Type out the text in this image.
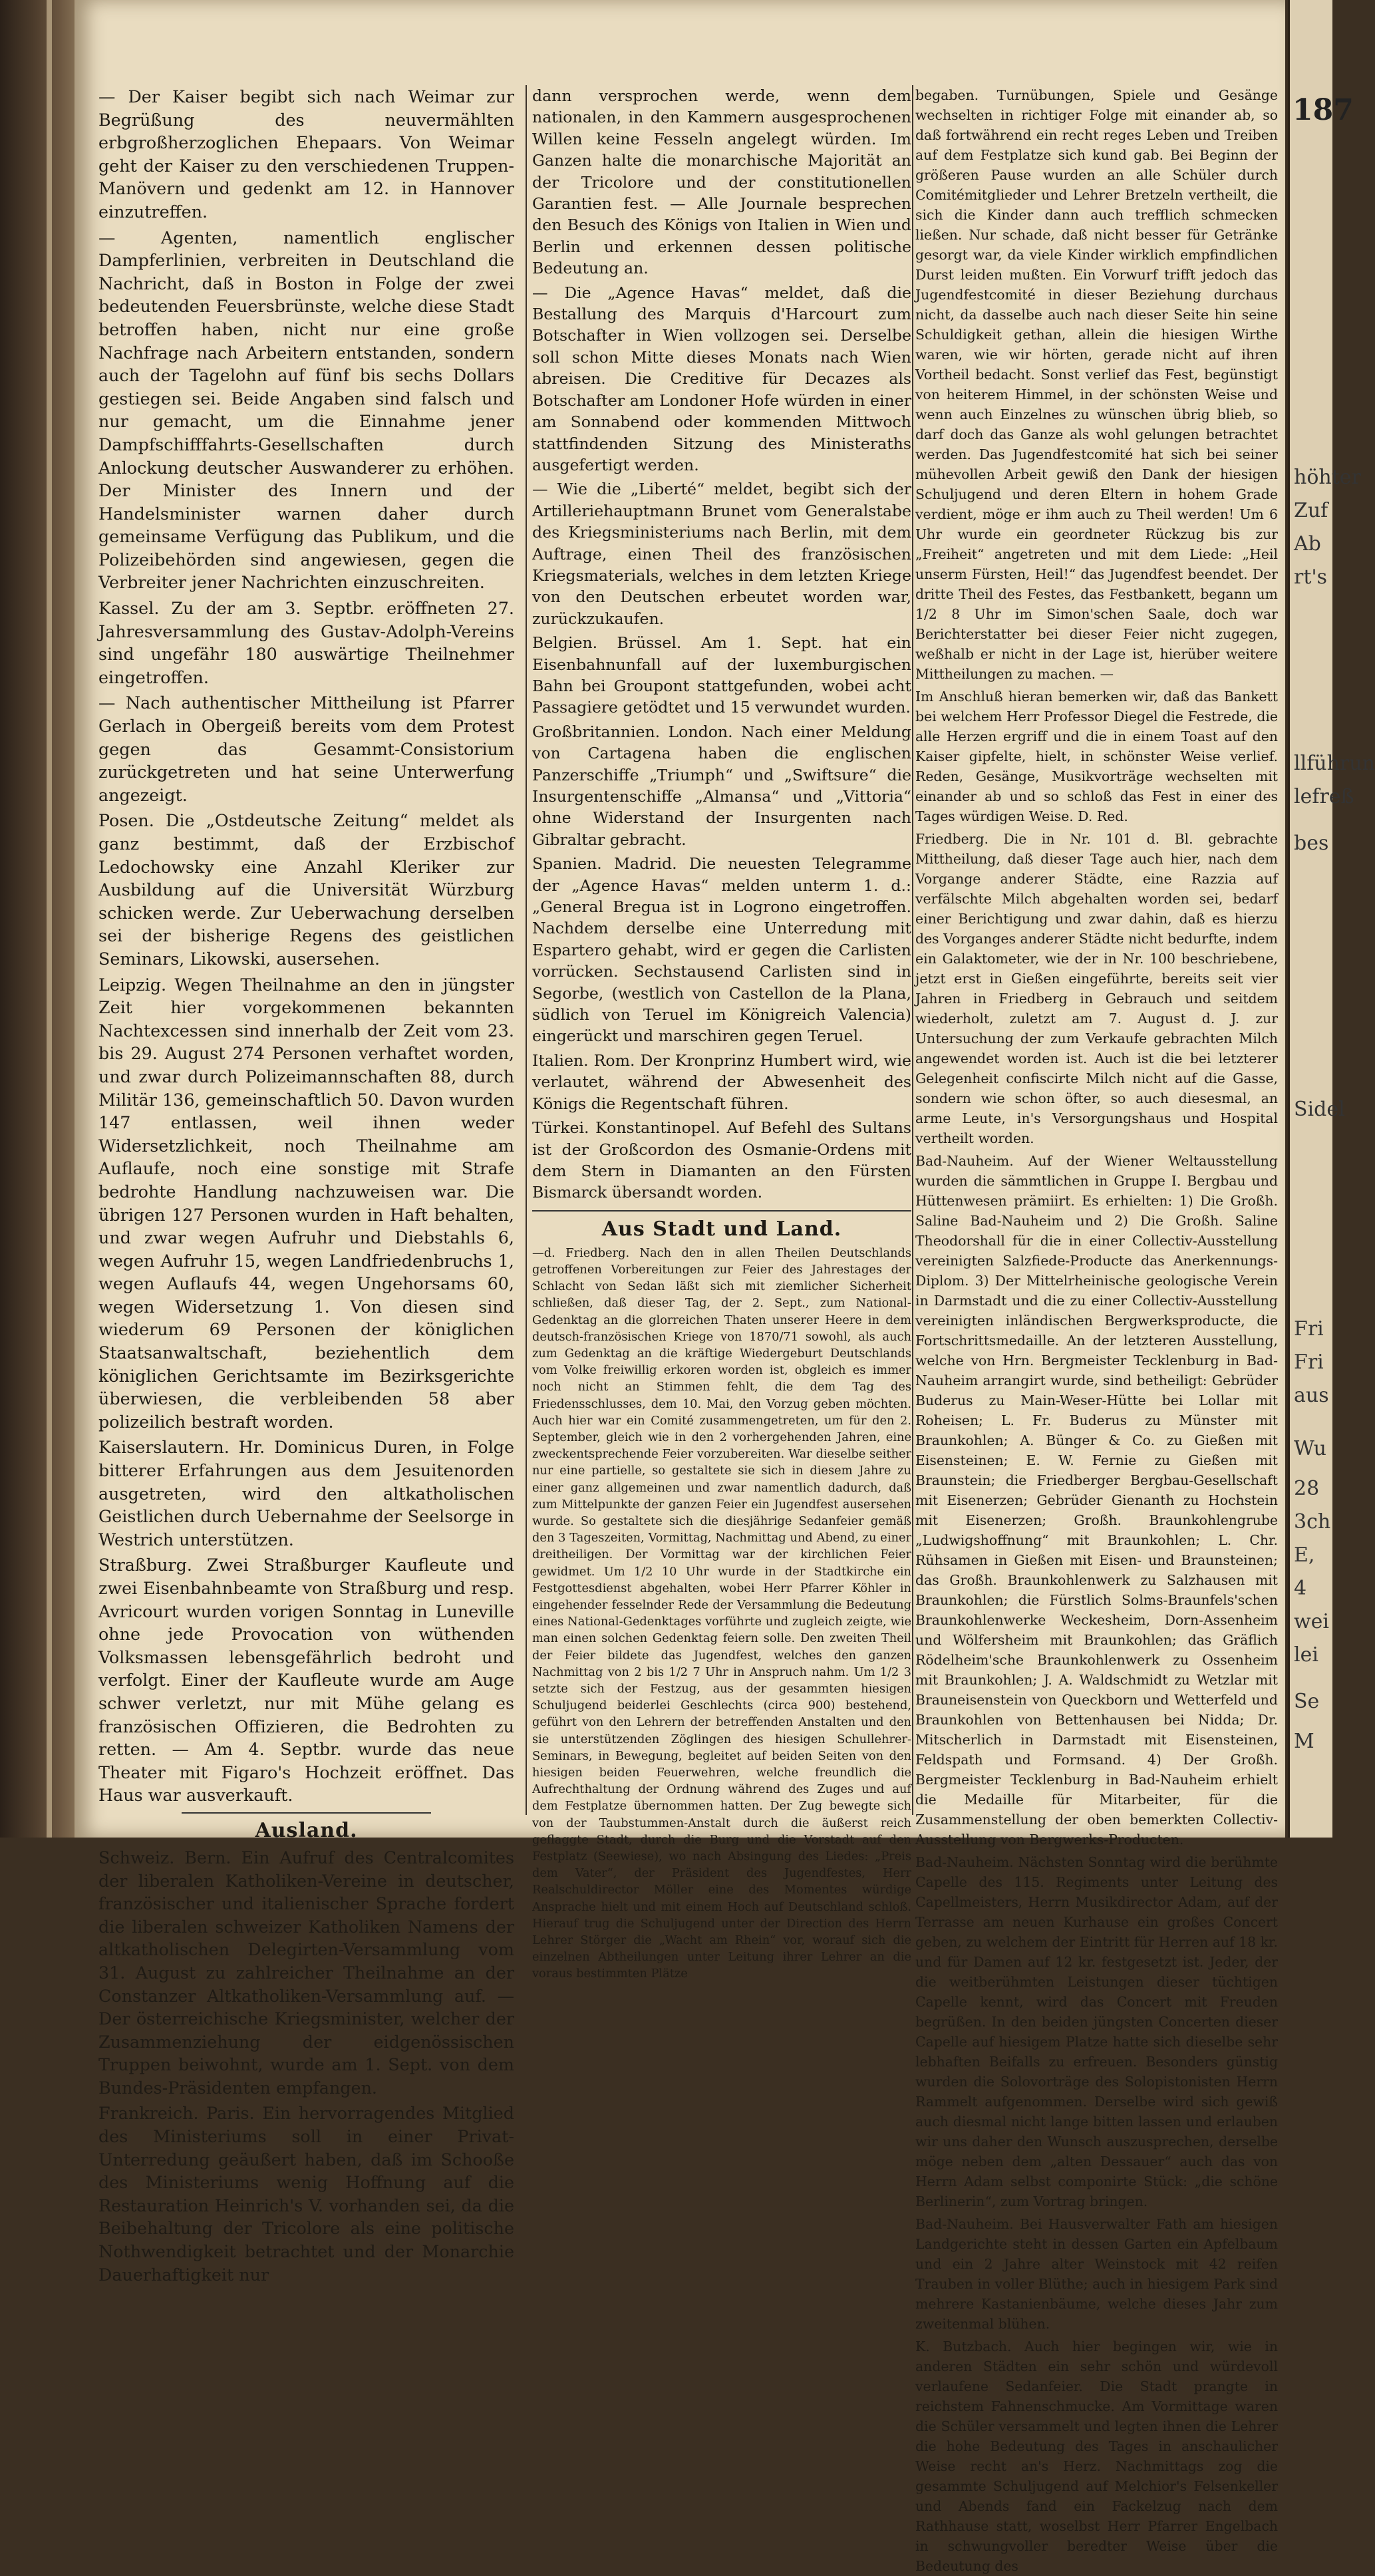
— Der Kaiser begibt sich nach Weimar zur Begrüßung des neuvermählten erbgroßherzoglichen Ehepaars. Von Weimar geht der Kaiser zu den verschiedenen Truppen-Manövern und gedenkt am 12. in Hannover einzutreffen.

— Agenten, namentlich englischer Dampferlinien, verbreiten in Deutschland die Nachricht, daß in Boston in Folge der zwei bedeutenden Feuersbrünste, welche diese Stadt betroffen haben, nicht nur eine große Nachfrage nach Arbeitern entstanden, sondern auch der Tagelohn auf fünf bis sechs Dollars gestiegen sei. Beide Angaben sind falsch und nur gemacht, um die Einnahme jener Dampfschifffahrts-Gesellschaften durch Anlockung deutscher Auswanderer zu erhöhen. Der Minister des Innern und der Handelsminister warnen daher durch gemeinsame Verfügung das Publikum, und die Polizeibehörden sind angewiesen, gegen die Verbreiter jener Nachrichten einzuschreiten.

Kassel. Zu der am 3. Septbr. eröffneten 27. Jahresversammlung des Gustav-Adolph-Vereins sind ungefähr 180 auswärtige Theilnehmer eingetroffen.

— Nach authentischer Mittheilung ist Pfarrer Gerlach in Obergeiß bereits vom dem Protest gegen das Gesammt-Consistorium zurückgetreten und hat seine Unterwerfung angezeigt.

Posen. Die „Ostdeutsche Zeitung“ meldet als ganz bestimmt, daß der Erzbischof Ledochowsky eine Anzahl Kleriker zur Ausbildung auf die Universität Würzburg schicken werde. Zur Ueberwachung derselben sei der bisherige Regens des geistlichen Seminars, Likowski, ausersehen.

Leipzig. Wegen Theilnahme an den in jüngster Zeit hier vorgekommenen bekannten Nachtexcessen sind innerhalb der Zeit vom 23. bis 29. August 274 Personen verhaftet worden, und zwar durch Polizeimannschaften 88, durch Militär 136, gemeinschaftlich 50. Davon wurden 147 entlassen, weil ihnen weder Widersetzlichkeit, noch Theilnahme am Auflaufe, noch eine sonstige mit Strafe bedrohte Handlung nachzuweisen war. Die übrigen 127 Personen wurden in Haft behalten, und zwar wegen Aufruhr und Diebstahls 6, wegen Aufruhr 15, wegen Landfriedenbruchs 1, wegen Auflaufs 44, wegen Ungehorsams 60, wegen Widersetzung 1. Von diesen sind wiederum 69 Personen der königlichen Staatsanwaltschaft, beziehentlich dem königlichen Gerichtsamte im Bezirksgerichte überwiesen, die verbleibenden 58 aber polizeilich bestraft worden.

Kaiserslautern. Hr. Dominicus Duren, in Folge bitterer Erfahrungen aus dem Jesuitenorden ausgetreten, wird den altkatholischen Geistlichen durch Uebernahme der Seelsorge in Westrich unterstützen.

Straßburg. Zwei Straßburger Kaufleute und zwei Eisenbahnbeamte von Straßburg und resp. Avricourt wurden vorigen Sonntag in Luneville ohne jede Provocation von wüthenden Volksmassen lebensgefährlich bedroht und verfolgt. Einer der Kaufleute wurde am Auge schwer verletzt, nur mit Mühe gelang es französischen Offizieren, die Bedrohten zu retten. — Am 4. Septbr. wurde das neue Theater mit Figaro's Hochzeit eröffnet. Das Haus war ausverkauft.

Ausland.

Schweiz. Bern. Ein Aufruf des Centralcomites der liberalen Katholiken-Vereine in deutscher, französischer und italienischer Sprache fordert die liberalen schweizer Katholiken Namens der altkatholischen Delegirten-Versammlung vom 31. August zu zahlreicher Theilnahme an der Constanzer Altkatholiken-Versammlung auf. — Der österreichische Kriegsminister, welcher der Zusammenziehung der eidgenössischen Truppen beiwohnt, wurde am 1. Sept. von dem Bundes-Präsidenten empfangen.

Frankreich. Paris. Ein hervorragendes Mitglied des Ministeriums soll in einer Privat-Unterredung geäußert haben, daß im Schooße des Ministeriums wenig Hoffnung auf die Restauration Heinrich's V. vorhanden sei, da die Beibehaltung der Tricolore als eine politische Nothwendigkeit betrachtet und der Monarchie Dauerhaftigkeit nur

dann versprochen werde, wenn dem nationalen, in den Kammern ausgesprochenen Willen keine Fesseln angelegt würden. Im Ganzen halte die monarchische Majorität an der Tricolore und der constitutionellen Garantien fest. — Alle Journale besprechen den Besuch des Königs von Italien in Wien und Berlin und erkennen dessen politische Bedeutung an.

— Die „Agence Havas“ meldet, daß die Bestallung des Marquis d'Harcourt zum Botschafter in Wien vollzogen sei. Derselbe soll schon Mitte dieses Monats nach Wien abreisen. Die Creditive für Decazes als Botschafter am Londoner Hofe würden in einer am Sonnabend oder kommenden Mittwoch stattfindenden Sitzung des Ministeraths ausgefertigt werden.

— Wie die „Liberté“ meldet, begibt sich der Artilleriehauptmann Brunet vom Generalstabe des Kriegsministeriums nach Berlin, mit dem Auftrage, einen Theil des französischen Kriegsmaterials, welches in dem letzten Kriege von den Deutschen erbeutet worden war, zurückzukaufen.

Belgien. Brüssel. Am 1. Sept. hat ein Eisenbahnunfall auf der luxemburgischen Bahn bei Groupont stattgefunden, wobei acht Passagiere getödtet und 15 verwundet wurden.

Großbritannien. London. Nach einer Meldung von Cartagena haben die englischen Panzerschiffe „Triumph“ und „Swiftsure“ die Insurgentenschiffe „Almansa“ und „Vittoria“ ohne Widerstand der Insurgenten nach Gibraltar gebracht.

Spanien. Madrid. Die neuesten Telegramme der „Agence Havas“ melden unterm 1. d.: „General Bregua ist in Logrono eingetroffen. Nachdem derselbe eine Unterredung mit Espartero gehabt, wird er gegen die Carlisten vorrücken. Sechstausend Carlisten sind in Segorbe, (westlich von Castellon de la Plana, südlich von Teruel im Königreich Valencia) eingerückt und marschiren gegen Teruel.

Italien. Rom. Der Kronprinz Humbert wird, wie verlautet, während der Abwesenheit des Königs die Regentschaft führen.

Türkei. Konstantinopel. Auf Befehl des Sultans ist der Großcordon des Osmanie-Ordens mit dem Stern in Diamanten an den Fürsten Bismarck übersandt worden.

Aus Stadt und Land.

—d. Friedberg. Nach den in allen Theilen Deutschlands getroffenen Vorbereitungen zur Feier des Jahrestages der Schlacht von Sedan läßt sich mit ziemlicher Sicherheit schließen, daß dieser Tag, der 2. Sept., zum National-Gedenktag an die glorreichen Thaten unserer Heere in dem deutsch-französischen Kriege von 1870/71 sowohl, als auch zum Gedenktag an die kräftige Wiedergeburt Deutschlands vom Volke freiwillig erkoren worden ist, obgleich es immer noch nicht an Stimmen fehlt, die dem Tag des Friedensschlusses, dem 10. Mai, den Vorzug geben möchten. Auch hier war ein Comité zusammengetreten, um für den 2. September, gleich wie in den 2 vorhergehenden Jahren, eine zweckentsprechende Feier vorzubereiten. War dieselbe seither nur eine partielle, so gestaltete sie sich in diesem Jahre zu einer ganz allgemeinen und zwar namentlich dadurch, daß zum Mittelpunkte der ganzen Feier ein Jugendfest ausersehen wurde. So gestaltete sich die diesjährige Sedanfeier gemäß den 3 Tageszeiten, Vormittag, Nachmittag und Abend, zu einer dreitheiligen. Der Vormittag war der kirchlichen Feier gewidmet. Um 1/2 10 Uhr wurde in der Stadtkirche ein Festgottesdienst abgehalten, wobei Herr Pfarrer Köhler in eingehender fesselnder Rede der Versammlung die Bedeutung eines National-Gedenktages vorführte und zugleich zeigte, wie man einen solchen Gedenktag feiern solle. Den zweiten Theil der Feier bildete das Jugendfest, welches den ganzen Nachmittag von 2 bis 1/2 7 Uhr in Anspruch nahm. Um 1/2 3 setzte sich der Festzug, aus der gesammten hiesigen Schuljugend beiderlei Geschlechts (circa 900) bestehend, geführt von den Lehrern der betreffenden Anstalten und den sie unterstützenden Zöglingen des hiesigen Schullehrer-Seminars, in Bewegung, begleitet auf beiden Seiten von den hiesigen beiden Feuerwehren, welche freundlich die Aufrechthaltung der Ordnung während des Zuges und auf dem Festplatze übernommen hatten. Der Zug bewegte sich von der Taubstummen-Anstalt durch die äußerst reich geflaggte Stadt, durch die Burg und die Vorstadt auf den Festplatz (Seewiese), wo nach Absingung des Liedes: „Preis dem Vater“, der Präsident des Jugendfestes, Herr Realschuldirector Möller eine des Momentes würdige Ansprache hielt und mit einem Hoch auf Deutschland schloß. Hierauf trug die Schuljugend unter der Direction des Herrn Lehrer Störger die „Wacht am Rhein“ vor, worauf sich die einzelnen Abtheilungen unter Leitung ihrer Lehrer an die voraus bestimmten Plätze

begaben. Turnübungen, Spiele und Gesänge wechselten in richtiger Folge mit einander ab, so daß fortwährend ein recht reges Leben und Treiben auf dem Festplatze sich kund gab. Bei Beginn der größeren Pause wurden an alle Schüler durch Comitémitglieder und Lehrer Bretzeln vertheilt, die sich die Kinder dann auch trefflich schmecken ließen. Nur schade, daß nicht besser für Getränke gesorgt war, da viele Kinder wirklich empfindlichen Durst leiden mußten. Ein Vorwurf trifft jedoch das Jugendfestcomité in dieser Beziehung durchaus nicht, da dasselbe auch nach dieser Seite hin seine Schuldigkeit gethan, allein die hiesigen Wirthe waren, wie wir hörten, gerade nicht auf ihren Vortheil bedacht. Sonst verlief das Fest, begünstigt von heiterem Himmel, in der schönsten Weise und wenn auch Einzelnes zu wünschen übrig blieb, so darf doch das Ganze als wohl gelungen betrachtet werden. Das Jugendfestcomité hat sich bei seiner mühevollen Arbeit gewiß den Dank der hiesigen Schuljugend und deren Eltern in hohem Grade verdient, möge er ihm auch zu Theil werden! Um 6 Uhr wurde ein geordneter Rückzug bis zur „Freiheit“ angetreten und mit dem Liede: „Heil unserm Fürsten, Heil!“ das Jugendfest beendet. Der dritte Theil des Festes, das Festbankett, begann um 1/2 8 Uhr im Simon'schen Saale, doch war Berichterstatter bei dieser Feier nicht zugegen, weßhalb er nicht in der Lage ist, hierüber weitere Mittheilungen zu machen. —

Im Anschluß hieran bemerken wir, daß das Bankett bei welchem Herr Professor Diegel die Festrede, die alle Herzen ergriff und die in einem Toast auf den Kaiser gipfelte, hielt, in schönster Weise verlief. Reden, Gesänge, Musikvorträge wechselten mit einander ab und so schloß das Fest in einer des Tages würdigen Weise. D. Red.

Friedberg. Die in Nr. 101 d. Bl. gebrachte Mittheilung, daß dieser Tage auch hier, nach dem Vorgange anderer Städte, eine Razzia auf verfälschte Milch abgehalten worden sei, bedarf einer Berichtigung und zwar dahin, daß es hierzu des Vorganges anderer Städte nicht bedurfte, indem ein Galaktometer, wie der in Nr. 100 beschriebene, jetzt erst in Gießen eingeführte, bereits seit vier Jahren in Friedberg in Gebrauch und seitdem wiederholt, zuletzt am 7. August d. J. zur Untersuchung der zum Verkaufe gebrachten Milch angewendet worden ist. Auch ist die bei letzterer Gelegenheit confiscirte Milch nicht auf die Gasse, sondern wie schon öfter, so auch diesesmal, an arme Leute, in's Versorgungshaus und Hospital vertheilt worden.

Bad-Nauheim. Auf der Wiener Weltausstellung wurden die sämmtlichen in Gruppe I. Bergbau und Hüttenwesen prämiirt. Es erhielten: 1) Die Großh. Saline Bad-Nauheim und 2) Die Großh. Saline Theodorshall für die in einer Collectiv-Ausstellung vereinigten Salzfiede-Producte das Anerkennungs-Diplom. 3) Der Mittelrheinische geologische Verein in Darmstadt und die zu einer Collectiv-Ausstellung vereinigten inländischen Bergwerksproducte, die Fortschrittsmedaille. An der letzteren Ausstellung, welche von Hrn. Bergmeister Tecklenburg in Bad-Nauheim arrangirt wurde, sind betheiligt: Gebrüder Buderus zu Main-Weser-Hütte bei Lollar mit Roheisen; L. Fr. Buderus zu Münster mit Braunkohlen; A. Bünger & Co. zu Gießen mit Eisensteinen; E. W. Fernie zu Gießen mit Braunstein; die Friedberger Bergbau-Gesellschaft mit Eisenerzen; Gebrüder Gienanth zu Hochstein mit Eisenerzen; Großh. Braunkohlengrube „Ludwigshoffnung“ mit Braunkohlen; L. Chr. Rühsamen in Gießen mit Eisen- und Braunsteinen; das Großh. Braunkohlenwerk zu Salzhausen mit Braunkohlen; die Fürstlich Solms-Braunfels'schen Braunkohlenwerke Weckesheim, Dorn-Assenheim und Wölfersheim mit Braunkohlen; das Gräflich Rödelheim'sche Braunkohlenwerk zu Ossenheim mit Braunkohlen; J. A. Waldschmidt zu Wetzlar mit Brauneisenstein von Queckborn und Wetterfeld und Braunkohlen von Bettenhausen bei Nidda; Dr. Mitscherlich in Darmstadt mit Eisensteinen, Feldspath und Formsand. 4) Der Großh. Bergmeister Tecklenburg in Bad-Nauheim erhielt die Medaille für Mitarbeiter, für die Zusammenstellung der oben bemerkten Collectiv-Ausstellung von Bergwerks-Producten.

Bad-Nauheim. Nächsten Sonntag wird die berühmte Capelle des 115. Regiments unter Leitung des Capellmeisters, Herrn Musikdirector Adam, auf der Terrasse am neuen Kurhause ein großes Concert geben, zu welchem der Eintritt für Herren auf 18 kr. und für Damen auf 12 kr. festgesetzt ist. Jeder, der die weitberühmten Leistungen dieser tüchtigen Capelle kennt, wird das Concert mit Freuden begrüßen. In den beiden jüngsten Concerten dieser Capelle auf hiesigem Platze hatte sich dieselbe sehr lebhaften Beifalls zu erfreuen. Besonders günstig wurden die Solovorträge des Solopistonisten Herrn Rammelt aufgenommen. Derselbe wird sich gewiß auch diesmal nicht lange bitten lassen und erlauben wir uns daher den Wunsch auszusprechen, derselbe möge neben dem „alten Dessauer“ auch das von Herrn Adam selbst componirte Stück: „die schöne Berlinerin“, zum Vortrag bringen.

Bad-Nauheim. Bei Hausverwalter Fath am hiesigen Landgerichte steht in dessen Garten ein Apfelbaum und ein 2 Jahre alter Weinstock mit 42 reifen Trauben in voller Blüthe; auch in hiesigem Park sind mehrere Kastanienbäume, welche dieses Jahr zum zweitenmal blühen.

K. Butzbach. Auch hier begingen wir, wie in anderen Städten ein sehr schön und würdevoll verlaufene Sedanfeier. Die Stadt prangte in reichstem Fahnenschmucke. Am Vormittage waren die Schüler versammelt und legten ihnen die Lehrer die hohe Bedeutung des Tages in anschaulicher Weise recht an's Herz. Nachmittags zog die gesammte Schuljugend auf Melchior's Felsenkeller und Abends fand ein Fackelzug nach dem Rathhause statt, woselbst Herr Pfarrer Engelbach in schwungvoller beredter Weise über die Bedeutung des

187
höhter
Zuf
Ab
rt's
llführun
lefreß
bes
Sidel
Fri
Fri
aus
Wu
28
3ch
E,
4
wei
lei
Se
M
